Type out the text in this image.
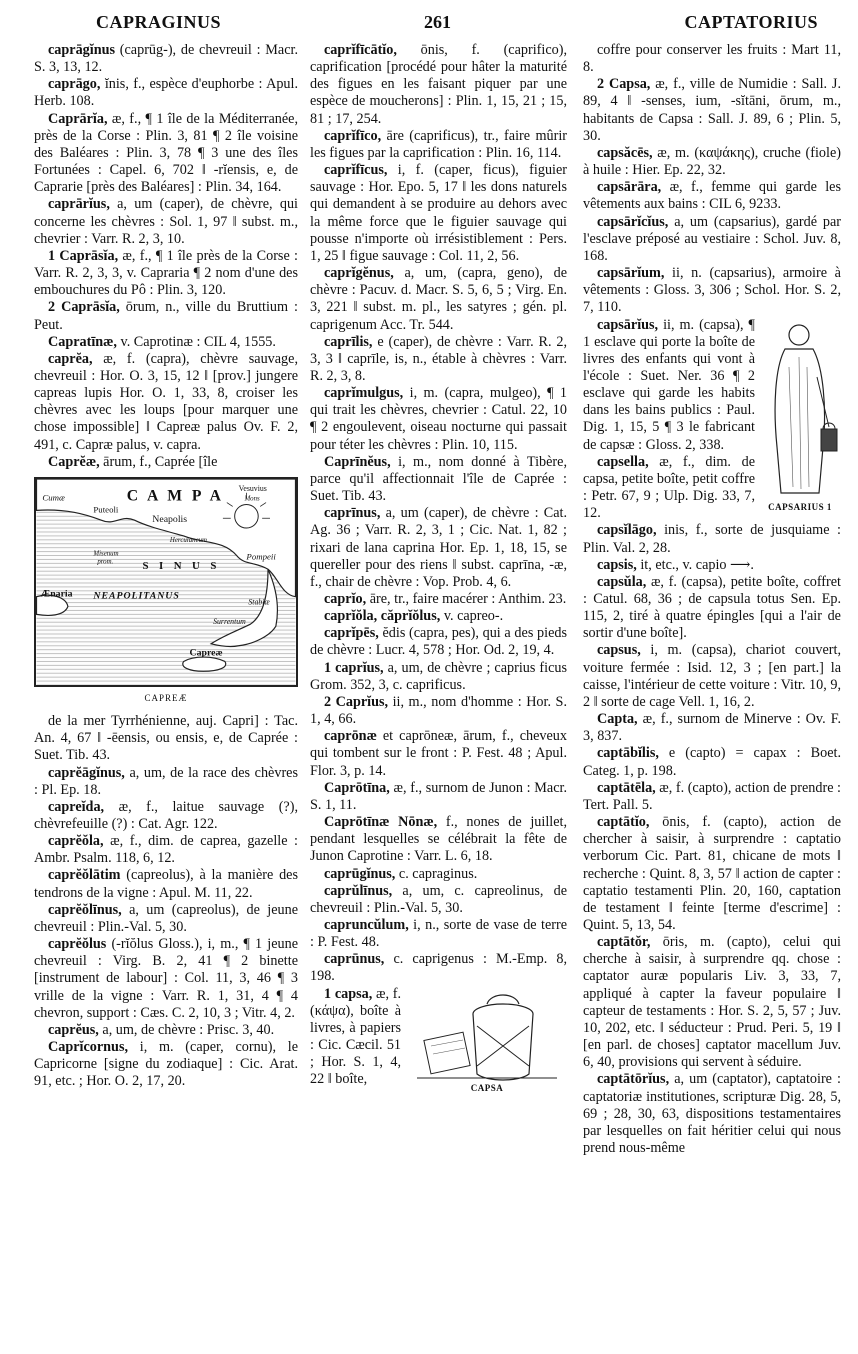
CAPRAGINUS	261	CAPTATORIUS

caprāgĭnus (caprūg-), de chevreuil : Macr. S. 3, 13, 12.

caprāgo, ĭnis, f., espèce d'euphorbe : Apul. Herb. 108.

Caprārĭa, æ, f., ¶ 1 île de la Méditerranée, près de la Corse : Plin. 3, 81 ¶ 2 île voisine des Baléares : Plin. 3, 78 ¶ 3 une des îles Fortunées : Capel. 6, 702 ‖ -rĭensis, e, de Caprarie [près des Baléares] : Plin. 34, 164.

caprārĭus, a, um (caper), de chèvre, qui concerne les chèvres : Sol. 1, 97 ‖ subst. m., chevrier : Varr. R. 2, 3, 10.

1 Caprāsĭa, æ, f., ¶ 1 île près de la Corse : Varr. R. 2, 3, 3, v. Capraria ¶ 2 nom d'une des embouchures du Pô : Plin. 3, 120.

2 Caprāsĭa, ōrum, n., ville du Bruttium : Peut.

Capratīnæ, v. Caprotinæ : CIL 4, 1555.

caprĕa, æ, f. (capra), chèvre sauvage, chevreuil : Hor. O. 3, 15, 12 ‖ [prov.] jungere capreas lupis Hor. O. 1, 33, 8, croiser les chèvres avec les loups [pour marquer une chose impossible] ‖ Capreæ palus Ov. F. 2, 491, c. Capræ palus, v. capra.

Caprĕæ, ārum, f., Caprée [île

C A M P A Vesuvius
Mons
Cumæ
Puteoli
Neapolis
Herculaneum
Misenum
prom.	S I N U S
Pompeii
Stabiæ
Ænaria NEAPOLITANUS
Surrentum
Capreæ
CAPREÆ

de la mer Tyrrhénienne, auj. Capri] : Tac. An. 4, 67 ‖ -ēensis, ou ensis, e, de Caprée : Suet. Tib. 43.

caprĕāgĭnus, a, um, de la race des chèvres : Pl. Ep. 18.

capreĭda, æ, f., laitue sauvage (?), chèvrefeuille (?) : Cat. Agr. 122.

caprĕŏla, æ, f., dim. de caprea, gazelle : Ambr. Psalm. 118, 6, 12.

caprĕŏlātim (capreolus), à la manière des tendrons de la vigne : Apul. M. 11, 22.

caprĕŏlīnus, a, um (capreolus), de jeune chevreuil : Plin.-Val. 5, 30.

caprĕŏlus (-rĭŏlus Gloss.), i, m., ¶ 1 jeune chevreuil : Virg. B. 2, 41 ¶ 2 binette [instrument de labour] : Col. 11, 3, 46 ¶ 3 vrille de la vigne : Varr. R. 1, 31, 4 ¶ 4 chevron, support : Cæs. C. 2, 10, 3 ; Vitr. 4, 2.

caprĕus, a, um, de chèvre : Prisc. 3, 40.

Caprĭcornus, i, m. (caper, cornu), le Capricorne [signe du zodiaque] : Cic. Arat. 91, etc. ; Hor. O. 2, 17, 20.

caprĭfīcātĭo, ōnis, f. (caprifico), caprification [procédé pour hâter la maturité des figues en les faisant piquer par une espèce de moucherons] : Plin. 1, 15, 21 ; 15, 81 ; 17, 254.

caprĭfīco, āre (caprificus), tr., faire mûrir les figues par la caprification : Plin. 16, 114.

caprĭfīcus, i, f. (caper, ficus), figuier sauvage : Hor. Epo. 5, 17 ‖ les dons naturels qui demandent à se produire au dehors avec la même force que le figuier sauvage qui pousse n'importe où irrésistiblement : Pers. 1, 25 ‖ figue sauvage : Col. 11, 2, 56.

caprĭgĕnus, a, um, (capra, geno), de chèvre : Pacuv. d. Macr. S. 5, 6, 5 ; Virg. En. 3, 221 ‖ subst. m. pl., les satyres ; gén. pl. caprigenum Acc. Tr. 544.

caprīlis, e (caper), de chèvre : Varr. R. 2, 3, 3 ‖ caprīle, is, n., étable à chèvres : Varr. R. 2, 3, 8.

caprĭmulgus, i, m. (capra, mulgeo), ¶ 1 qui trait les chèvres, chevrier : Catul. 22, 10 ¶ 2 engoulevent, oiseau nocturne qui passait pour téter les chèvres : Plin. 10, 115.

Caprīnĕus, i, m., nom donné à Tibère, parce qu'il affectionnait l'île de Caprée : Suet. Tib. 43.

caprīnus, a, um (caper), de chèvre : Cat. Ag. 36 ; Varr. R. 2, 3, 1 ; Cic. Nat. 1, 82 ; rixari de lana caprina Hor. Ep. 1, 18, 15, se quereller pour des riens ‖ subst. caprīna, -æ, f., chair de chèvre : Vop. Prob. 4, 6.

caprĭo, āre, tr., faire macérer : Anthim. 23.

caprĭŏla, căprĭŏlus, v. capreo-.

caprĭpēs, ĕdis (capra, pes), qui a des pieds de chèvre : Lucr. 4, 578 ; Hor. Od. 2, 19, 4.

1 caprĭus, a, um, de chèvre ; caprius ficus Grom. 352, 3, c. caprificus.

2 Caprĭus, ii, m., nom d'homme : Hor. S. 1, 4, 66.

caprōnæ et caprōneæ, ārum, f., cheveux qui tombent sur le front : P. Fest. 48 ; Apul. Flor. 3, p. 14.

Caprōtīna, æ, f., surnom de Junon : Macr. S. 1, 11.

Caprōtīnæ Nōnæ, f., nones de juillet, pendant lesquelles se célébrait la fête de Junon Caprotine : Varr. L. 6, 18.

caprūgĭnus, c. capraginus.

caprŭlīnus, a, um, c. capreolinus, de chevreuil : Plin.-Val. 5, 30.

capruncŭlum, i, n., sorte de vase de terre : P. Fest. 48.

caprūnus, c. caprigenus : M.-Emp. 8, 198.

CAPSA

1 capsa, æ, f. (κάψα), boîte à livres, à papiers : Cic. Cæcil. 51 ; Hor. S. 1, 4, 22 ‖ boîte,

coffre pour conserver les fruits : Mart 11, 8.

2 Capsa, æ, f., ville de Numidie : Sall. J. 89, 4 ‖ -senses, ium, -sĭtāni, ōrum, m., habitants de Capsa : Sall. J. 89, 6 ; Plin. 5, 30.

capsăcēs, æ, m. (καψάκης), cruche (fiole) à huile : Hier. Ep. 22, 32.

capsārāra, æ, f., femme qui garde les vêtements aux bains : CIL 6, 9233.

capsārĭcĭus, a, um (capsarius), gardé par l'esclave préposé au vestiaire : Schol. Juv. 8, 168.

capsārĭum, ii, n. (capsarius), armoire à vêtements : Gloss. 3, 306 ; Schol. Hor. S. 2, 7, 110.

CAPSARIUS 1

capsārĭus, ii, m. (capsa), ¶ 1 esclave qui porte la boîte de livres des enfants qui vont à l'école : Suet. Ner. 36 ¶ 2 esclave qui garde les habits dans les bains publics : Paul. Dig. 1, 15, 5 ¶ 3 le fabricant de capsæ : Gloss. 2, 338.

capsella, æ, f., dim. de capsa, petite boîte, petit coffre : Petr. 67, 9 ; Ulp. Dig. 33, 7, 12.

capsĭlāgo, inis, f., sorte de jusquiame : Plin. Val. 2, 28.

capsis, it, etc., v. capio ⟶.

capsŭla, æ, f. (capsa), petite boîte, coffret : Catul. 68, 36 ; de capsula totus Sen. Ep. 115, 2, tiré à quatre épingles [qui a l'air de sortir d'une boîte].

capsus, i, m. (capsa), chariot couvert, voiture fermée : Isid. 12, 3 ; [en part.] la caisse, l'intérieur de cette voiture : Vitr. 10, 9, 2 ‖ sorte de cage Vell. 1, 16, 2.

Capta, æ, f., surnom de Minerve : Ov. F. 3, 837.

captābĭlis, e (capto) = capax : Boet. Categ. 1, p. 198.

captātēla, æ, f. (capto), action de prendre : Tert. Pall. 5.

captātĭo, ōnis, f. (capto), action de chercher à saisir, à surprendre : captatio verborum Cic. Part. 81, chicane de mots ‖ recherche : Quint. 8, 3, 57 ‖ action de capter : captatio testamenti Plin. 20, 160, captation de testament ‖ feinte [terme d'escrime] : Quint. 5, 13, 54.

captātŏr, ōris, m. (capto), celui qui cherche à saisir, à surprendre qq. chose : captator auræ popularis Liv. 3, 33, 7, appliqué à capter la faveur populaire ‖ capteur de testaments : Hor. S. 2, 5, 57 ; Juv. 10, 202, etc. ‖ séducteur : Prud. Peri. 5, 19 ‖ [en parl. de choses] captator macellum Juv. 6, 40, provisions qui servent à séduire.

captātōrĭus, a, um (captator), captatoire : captatoriæ institutiones, scripturæ Dig. 28, 5, 69 ; 28, 30, 63, dispositions testamentaires par lesquelles on fait héritier celui qui nous prend nous-même
